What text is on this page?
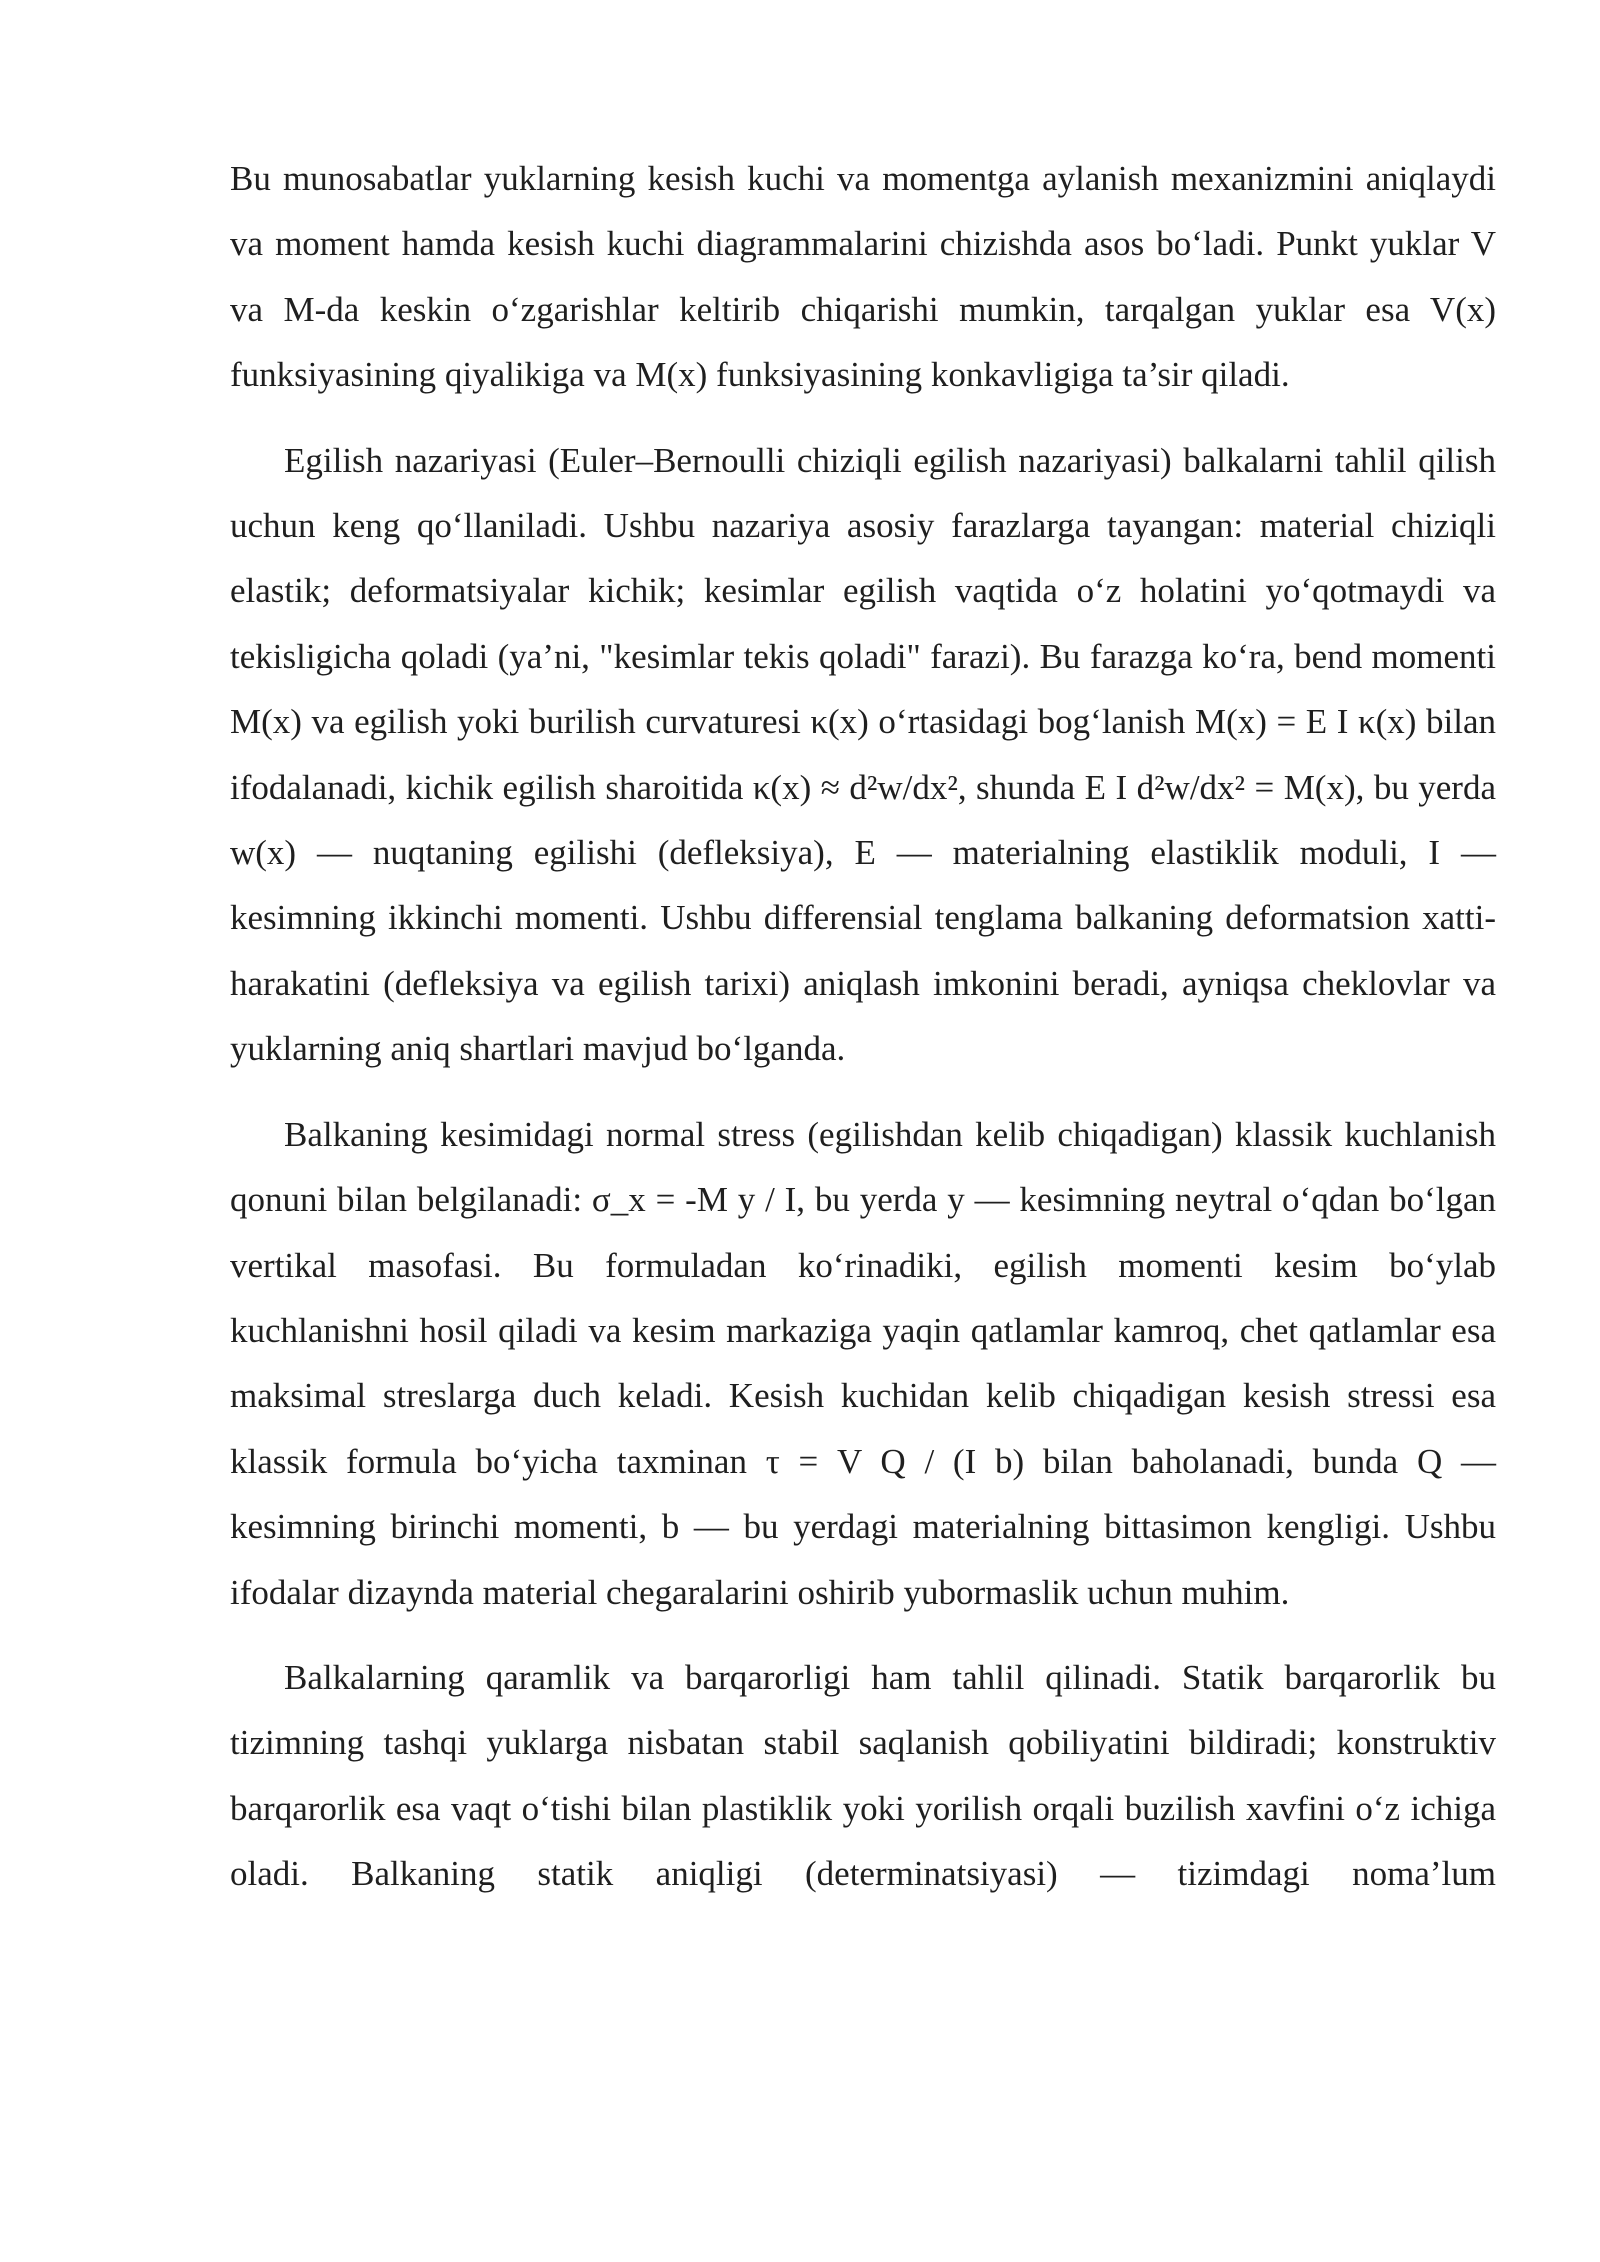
Bu munosabatlar yuklarning kesish kuchi va momentga aylanish mexanizmini aniqlaydi va moment hamda kesish kuchi diagrammalarini chizishda asos bo‘ladi. Punkt yuklar V va M-da keskin o‘zgarishlar keltirib chiqarishi mumkin, tarqalgan yuklar esa V(x) funksiyasining qiyalikiga va M(x) funksiyasining konkavligiga ta’sir qiladi.

Egilish nazariyasi (Euler–Bernoulli chiziqli egilish nazariyasi) balkalarni tahlil qilish uchun keng qo‘llaniladi. Ushbu nazariya asosiy farazlarga tayangan: material chiziqli elastik; deformatsiyalar kichik; kesimlar egilish vaqtida o‘z holatini yo‘qotmaydi va tekisligicha qoladi (ya’ni, "kesimlar tekis qoladi" farazi). Bu farazga ko‘ra, bend momenti M(x) va egilish yoki burilish curvaturesi κ(x) o‘rtasidagi bog‘lanish M(x) = E I κ(x) bilan ifodalanadi, kichik egilish sharoitida κ(x) ≈ d²w/dx², shunda E I d²w/dx² = M(x), bu yerda w(x) — nuqtaning egilishi (defleksiya), E — materialning elastiklik moduli, I — kesimning ikkinchi momenti. Ushbu differensial tenglama balkaning deformatsion xatti-harakatini (defleksiya va egilish tarixi) aniqlash imkonini beradi, ayniqsa cheklovlar va yuklarning aniq shartlari mavjud bo‘lganda.

Balkaning kesimidagi normal stress (egilishdan kelib chiqadigan) klassik kuchlanish qonuni bilan belgilanadi: σ_x = -M y / I, bu yerda y — kesimning neytral o‘qdan bo‘lgan vertikal masofasi. Bu formuladan ko‘rinadiki, egilish momenti kesim bo‘ylab kuchlanishni hosil qiladi va kesim markaziga yaqin qatlamlar kamroq, chet qatlamlar esa maksimal streslarga duch keladi. Kesish kuchidan kelib chiqadigan kesish stressi esa klassik formula bo‘yicha taxminan τ = V Q / (I b) bilan baholanadi, bunda Q — kesimning birinchi momenti, b — bu yerdagi materialning bittasimon kengligi. Ushbu ifodalar dizaynda material chegaralarini oshirib yubormaslik uchun muhim.

Balkalarning qaramlik va barqarorligi ham tahlil qilinadi. Statik barqarorlik bu tizimning tashqi yuklarga nisbatan stabil saqlanish qobiliyatini bildiradi; konstruktiv barqarorlik esa vaqt o‘tishi bilan plastiklik yoki yorilish orqali buzilish xavfini o‘z ichiga oladi. Balkaning statik aniqligi (determinatsiyasi) — tizimdagi noma’lum
